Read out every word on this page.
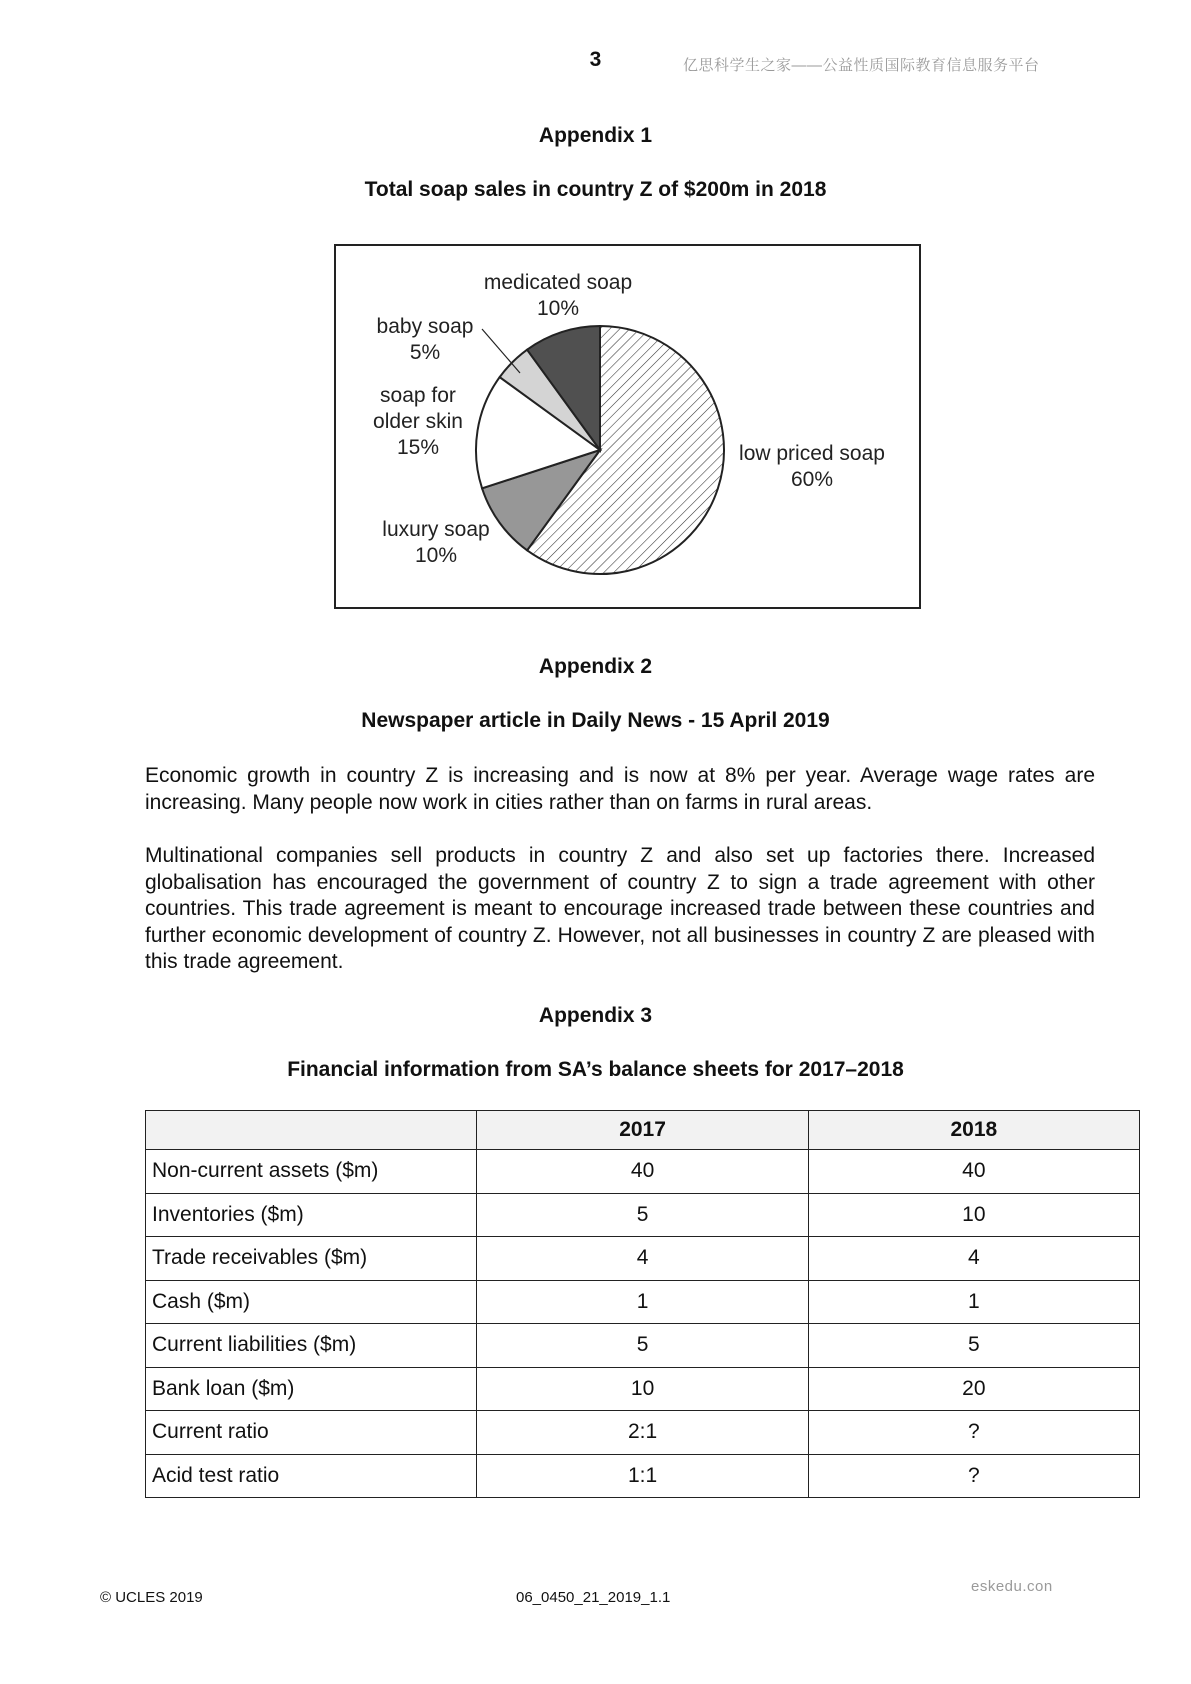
3	亿思科学生之家——公益性质国际教育信息服务平台
Appendix 1
Total soap sales in country Z of $200m in 2018
low priced soap 60%
luxury soap 10%
soap for older skin 15%
baby soap 5%
medicated soap 10%
Appendix 2
Newspaper article in Daily News - 15 April 2019
Economic growth in country Z is increasing and is now at 8% per year. Average wage rates are increasing. Many people now work in cities rather than on farms in rural areas.
Multinational companies sell products in country Z and also set up factories there. Increased globalisation has encouraged the government of country Z to sign a trade agreement with other countries. This trade agreement is meant to encourage increased trade between these countries and further economic development of country Z. However, not all businesses in country Z are pleased with this trade agreement.
Appendix 3
Financial information from SA’s balance sheets for 2017–2018
	2017	2018
Non-current assets ($m)	40	40
Inventories ($m)	5	10
Trade receivables ($m)	4	4
Cash ($m)	1	1
Current liabilities ($m)	5	5
Bank loan ($m)	10	20
Current ratio	2:1	?
Acid test ratio	1:1	?
© UCLES 2019	06_0450_21_2019_1.1
eskedu.con
